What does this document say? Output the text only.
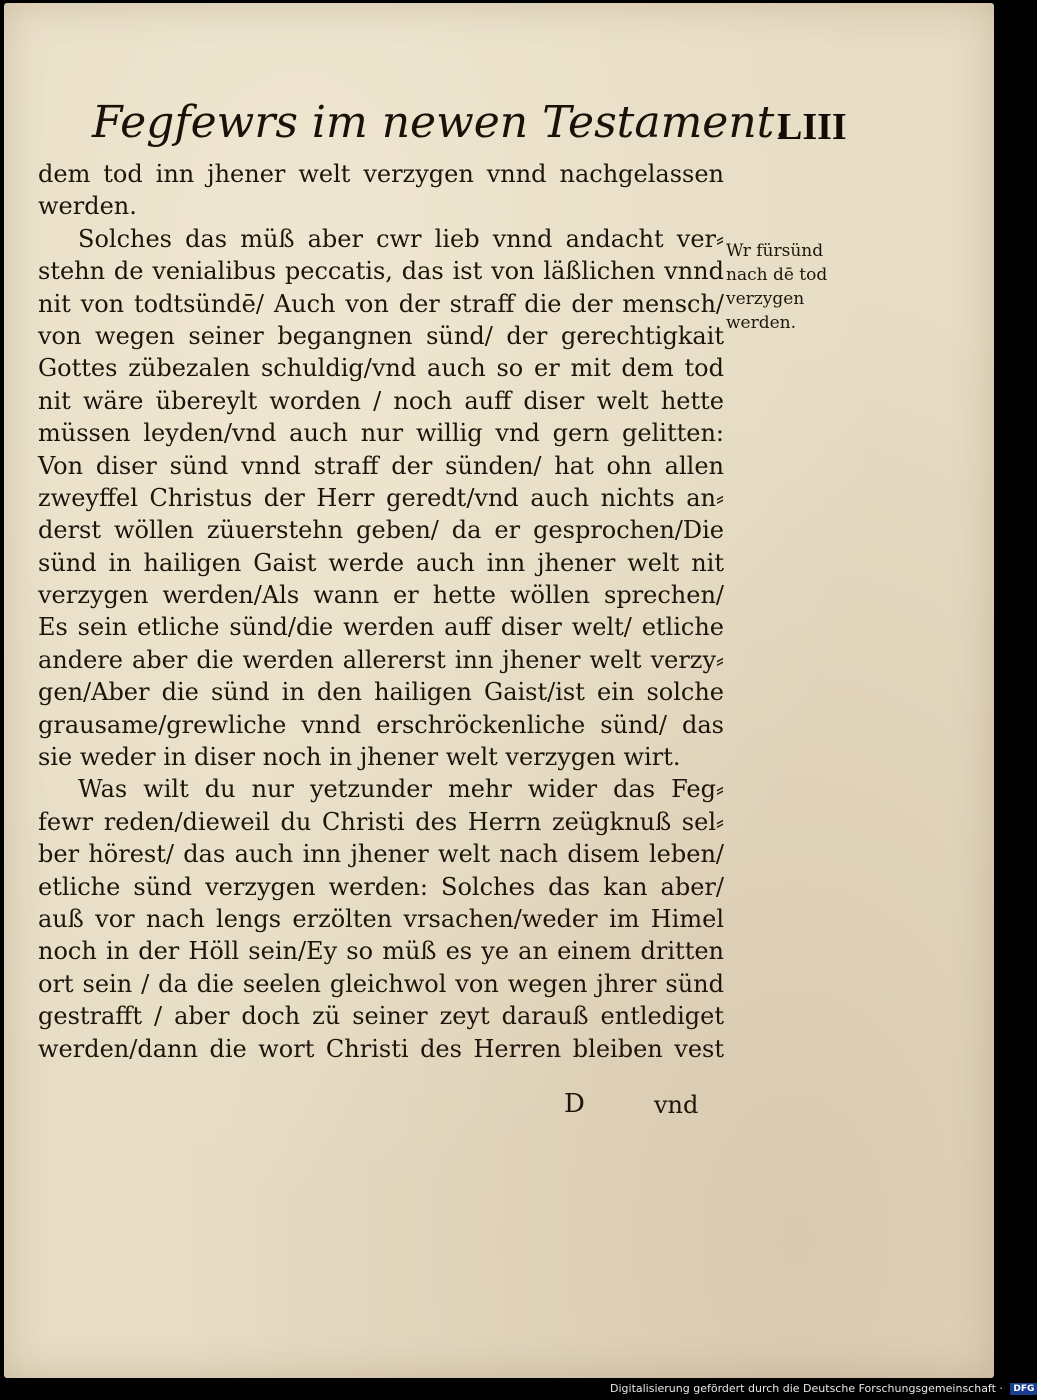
Fegfewrs im newen Testament.
LIII
dem tod inn jhener welt verzygen vnnd nachgelassen
werden.
Solches das müß aber cwr lieb vnnd andacht ver⸗
stehn de venialibus peccatis, das ist von läßlichen vnnd
nit von todtsündē/ Auch von der straff die der mensch/
von wegen seiner begangnen sünd/ der gerechtigkait
Gottes zübezalen schuldig/vnd auch so er mit dem tod
nit wäre übereylt worden / noch auff diser welt hette
müssen leyden/vnd auch nur willig vnd gern gelitten:
Von diser sünd vnnd straff der sünden/ hat ohn allen
zweyffel Christus der Herr geredt/vnd auch nichts an⸗
derst wöllen züuerstehn geben/ da er gesprochen/Die
sünd in hailigen Gaist werde auch inn jhener welt nit
verzygen werden/Als wann er hette wöllen sprechen/
Es sein etliche sünd/die werden auff diser welt/ etliche
andere aber die werden allererst inn jhener welt verzy⸗
gen/Aber die sünd in den hailigen Gaist/ist ein solche
grausame/grewliche vnnd erschröckenliche sünd/ das
sie weder in diser noch in jhener welt verzygen wirt.
Was wilt du nur yetzunder mehr wider das Feg⸗
fewr reden/dieweil du Christi des Herrn zeügknuß sel⸗
ber hörest/ das auch inn jhener welt nach disem leben/
etliche sünd verzygen werden: Solches das kan aber/
auß vor nach lengs erzölten vrsachen/weder im Himel
noch in der Höll sein/Ey so müß es ye an einem dritten
ort sein / da die seelen gleichwol von wegen jhrer sünd
gestrafft / aber doch zü seiner zeyt darauß entlediget
werden/dann die wort Christi des Herren bleiben vest
D	vnd
Wr fürsünd
nach dē tod
verzygen
werden.
Digitalisierung gefördert durch die Deutsche Forschungsgemeinschaft · DFG
